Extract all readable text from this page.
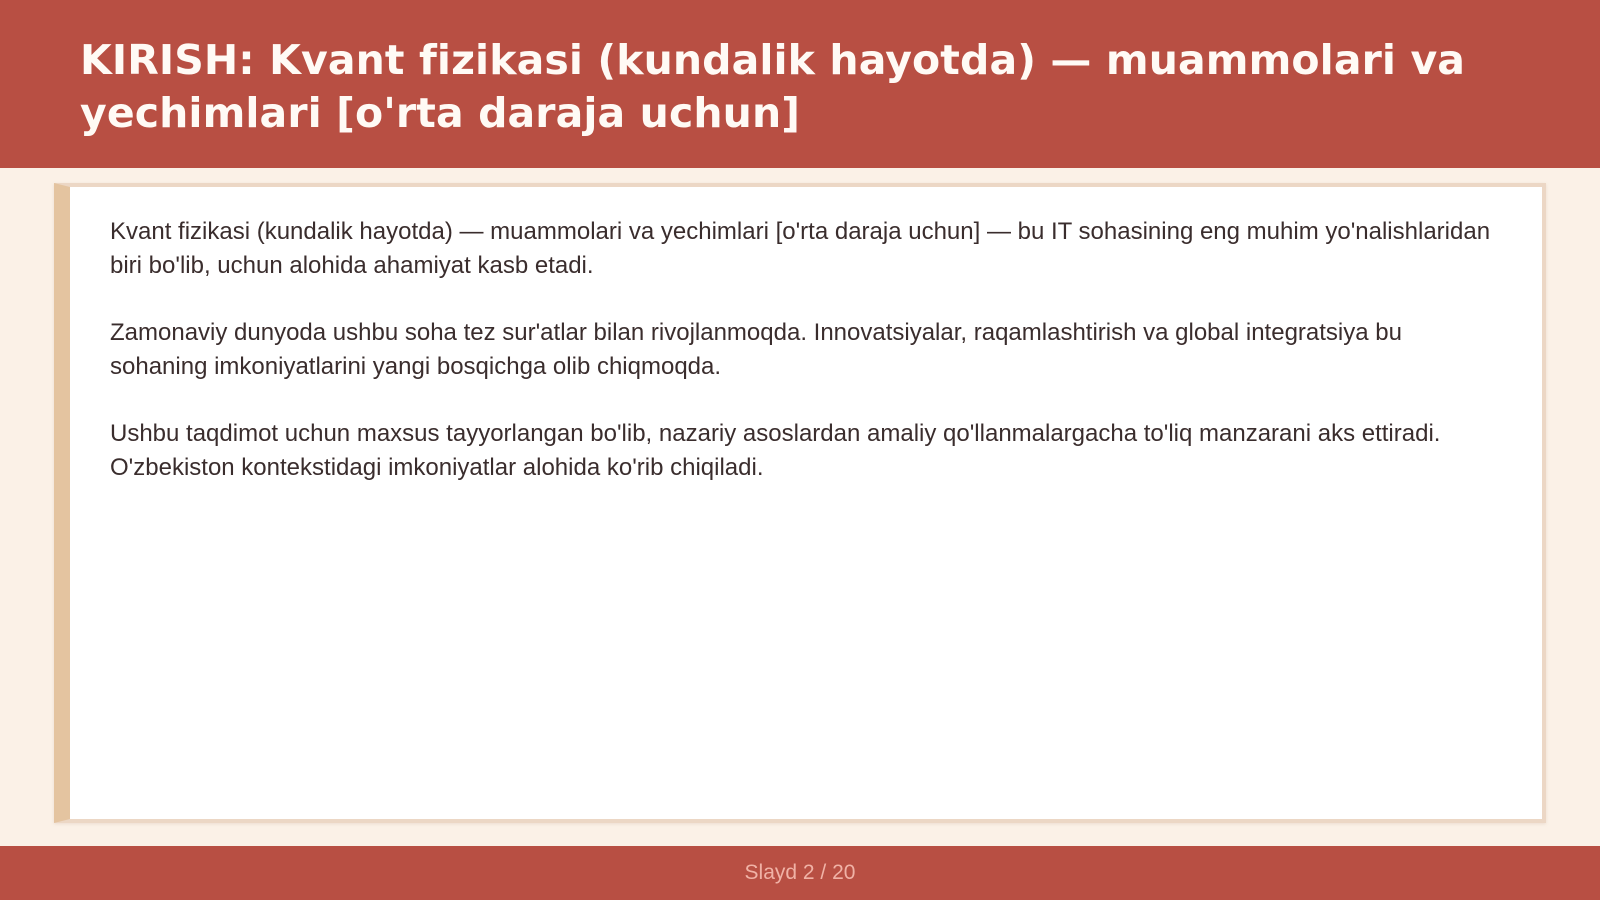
KIRISH: Kvant fizikasi (kundalik hayotda) — muammolari va yechimlari [o'rta daraja uchun]

Kvant fizikasi (kundalik hayotda) — muammolari va yechimlari [o'rta daraja uchun] — bu IT sohasining eng muhim yo'nalishlaridan biri bo'lib, uchun alohida ahamiyat kasb etadi.

Zamonaviy dunyoda ushbu soha tez sur'atlar bilan rivojlanmoqda. Innovatsiyalar, raqamlashtirish va global integratsiya bu sohaning imkoniyatlarini yangi bosqichga olib chiqmoqda.

Ushbu taqdimot uchun maxsus tayyorlangan bo'lib, nazariy asoslardan amaliy qo'llanmalargacha to'liq manzarani aks ettiradi. O'zbekiston kontekstidagi imkoniyatlar alohida ko'rib chiqiladi.

Slayd 2 / 20
